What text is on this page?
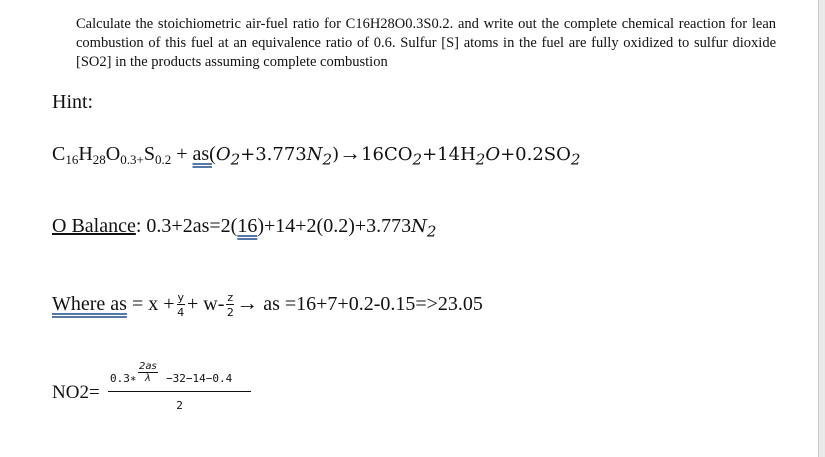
Calculate the stoichiometric air-fuel ratio for C16H28O0.3S0.2. and write out the complete chemical reaction for lean combustion of this fuel at an equivalence ratio of 0.6. Sulfur [S] atoms in the fuel are fully oxidized to sulfur dioxide [SO2] in the products assuming complete combustion
Hint:
$C_{16}H_{28}O_{0.3+}S_{0.2} + as(O_2+3.773N_2)\to 16CO_2+14H_2O+0.2SO_2$
O Balance: $0.3+2as=2(16)+14+2(0.2)+3.773N_2$
Where as = $x + \frac{y}{4} + w- \frac{z}{2}$ → as =16+7+0.2-0.15=>23.05
$NO2= \frac{0.3∗ \frac{2as}{\lambda} -32-14-0.4}{2}$
